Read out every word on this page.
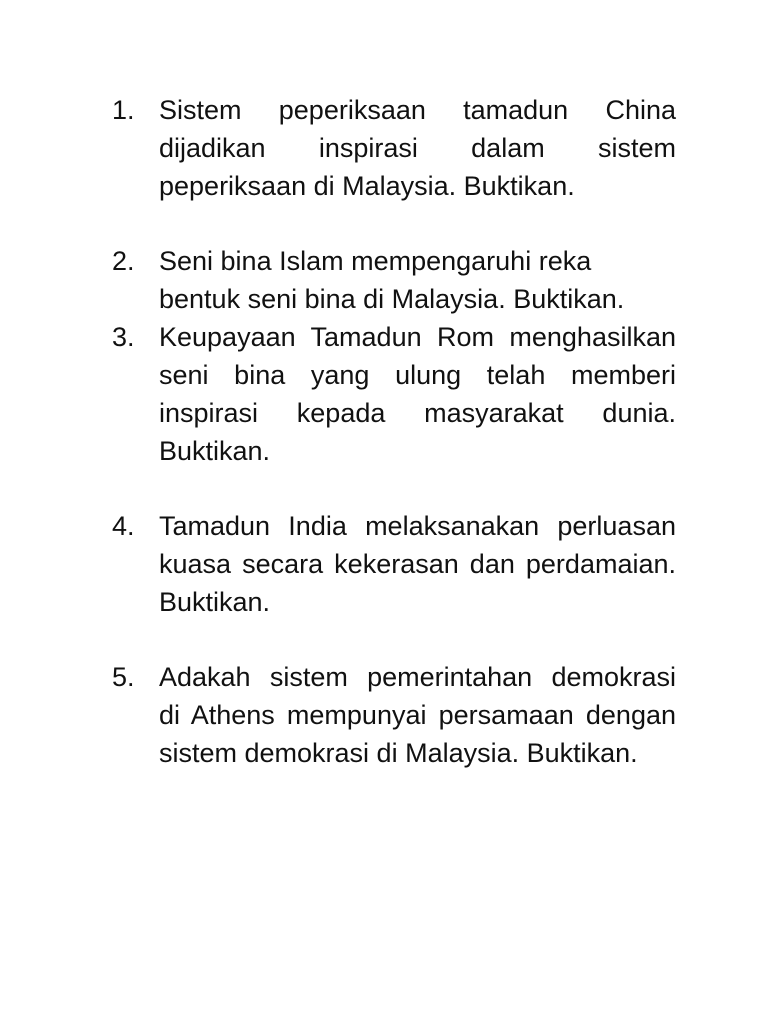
1. Sistem peperiksaan tamadun China
dijadikan inspirasi dalam sistem
peperiksaan di Malaysia. Buktikan.
2. Seni bina Islam mempengaruhi reka
bentuk seni bina di Malaysia. Buktikan.
3. Keupayaan Tamadun Rom menghasilkan
seni bina yang ulung telah memberi
inspirasi kepada masyarakat dunia.
Buktikan.
4. Tamadun India melaksanakan perluasan
kuasa secara kekerasan dan perdamaian.
Buktikan.
5. Adakah sistem pemerintahan demokrasi
di Athens mempunyai persamaan dengan
sistem demokrasi di Malaysia. Buktikan.
